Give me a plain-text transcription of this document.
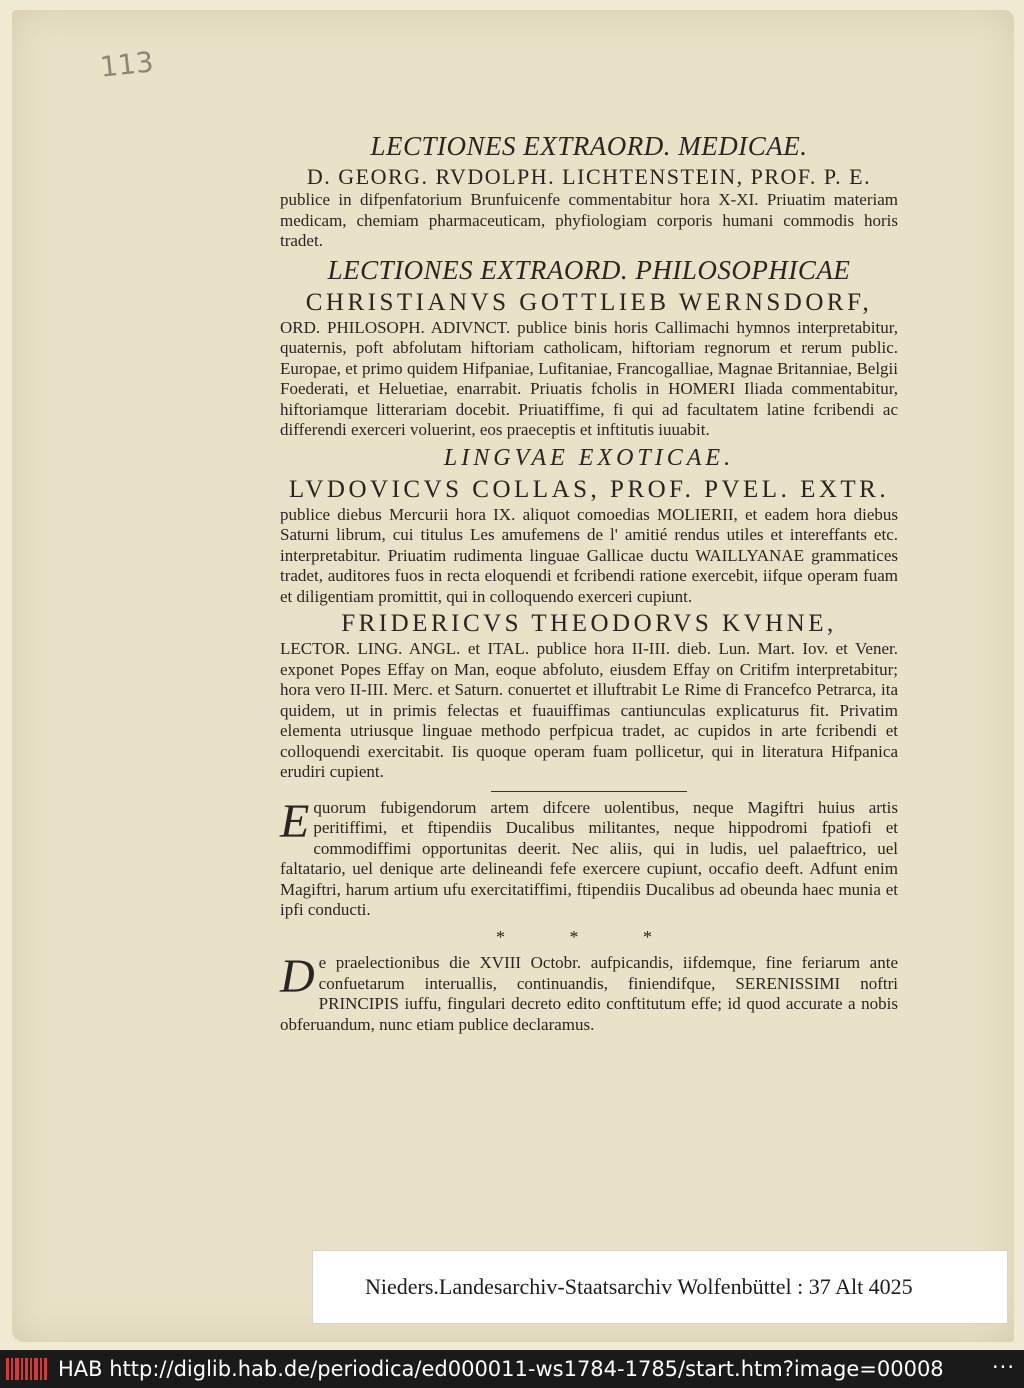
113
LECTIONES EXTRAORD. MEDICAE.
D. GEORG. RVDOLPH. LICHTENSTEIN, PROF. P. E.

publice in difpenfatorium Brunfuicenfe commentabitur hora X-XI. Priuatim materiam medicam, chemiam pharmaceuticam, phyfiologiam corporis humani commodis horis tradet.

LECTIONES EXTRAORD. PHILOSOPHICAE
CHRISTIANVS GOTTLIEB WERNSDORF,

ORD. PHILOSOPH. ADIVNCT. publice binis horis Callimachi hymnos interpretabitur, quaternis, poft abfolutam hiftoriam catholicam, hiftoriam regnorum et rerum public. Europae, et primo quidem Hifpaniae, Lufitaniae, Francogalliae, Magnae Britanniae, Belgii Foederati, et Heluetiae, enarrabit. Priuatis fcholis in HOMERI Iliada commentabitur, hiftoriamque litterariam docebit. Priuatiffime, fi qui ad facultatem latine fcribendi ac differendi exerceri voluerint, eos praeceptis et inftitutis iuuabit.

LINGVAE EXOTICAE.
LVDOVICVS COLLAS, PROF. PVEL. EXTR.

publice diebus Mercurii hora IX. aliquot comoedias MOLIERII, et eadem hora diebus Saturni librum, cui titulus Les amufemens de l' amitié rendus utiles et intereffants etc. interpretabitur. Priuatim rudimenta linguae Gallicae ductu WAILLYANAE grammatices tradet, auditores fuos in recta eloquendi et fcribendi ratione exercebit, iifque operam fuam et diligentiam promittit, qui in colloquendo exerceri cupiunt.

FRIDERICVS THEODORVS KVHNE,

LECTOR. LING. ANGL. et ITAL. publice hora II-III. dieb. Lun. Mart. Iov. et Vener. exponet Popes Effay on Man, eoque abfoluto, eiusdem Effay on Critifm interpretabitur; hora vero II-III. Merc. et Saturn. conuertet et illuftrabit Le Rime di Francefco Petrarca, ita quidem, ut in primis felectas et fuauiffimas cantiunculas explicaturus fit. Privatim elementa utriusque linguae methodo perfpicua tradet, ac cupidos in arte fcribendi et colloquendi exercitabit. Iis quoque operam fuam pollicetur, qui in literatura Hifpanica erudiri cupient.

Equorum fubigendorum artem difcere uolentibus, neque Magiftri huius artis peritiffimi, et ftipendiis Ducalibus militantes, neque hippodromi fpatiofi et commodiffimi opportunitas deerit. Nec aliis, qui in ludis, uel palaeftrico, uel faltatario, uel denique arte delineandi fefe exercere cupiunt, occafio deeft. Adfunt enim Magiftri, harum artium ufu exercitatiffimi, ftipendiis Ducalibus ad obeunda haec munia et ipfi conducti.

* * *

De praelectionibus die XVIII Octobr. aufpicandis, iifdemque, fine feriarum ante confuetarum interuallis, continuandis, finiendifque, SERENISSIMI noftri PRINCIPIS iuffu, fingulari decreto edito conftitutum effe; id quod accurate a nobis obferuandum, nunc etiam publice declaramus.

Nieders.Landesarchiv-Staatsarchiv Wolfenbüttel : 37 Alt 4025
HAB http://diglib.hab.de/periodica/ed000011-ws1784-1785/start.htm?image=00008 ···
